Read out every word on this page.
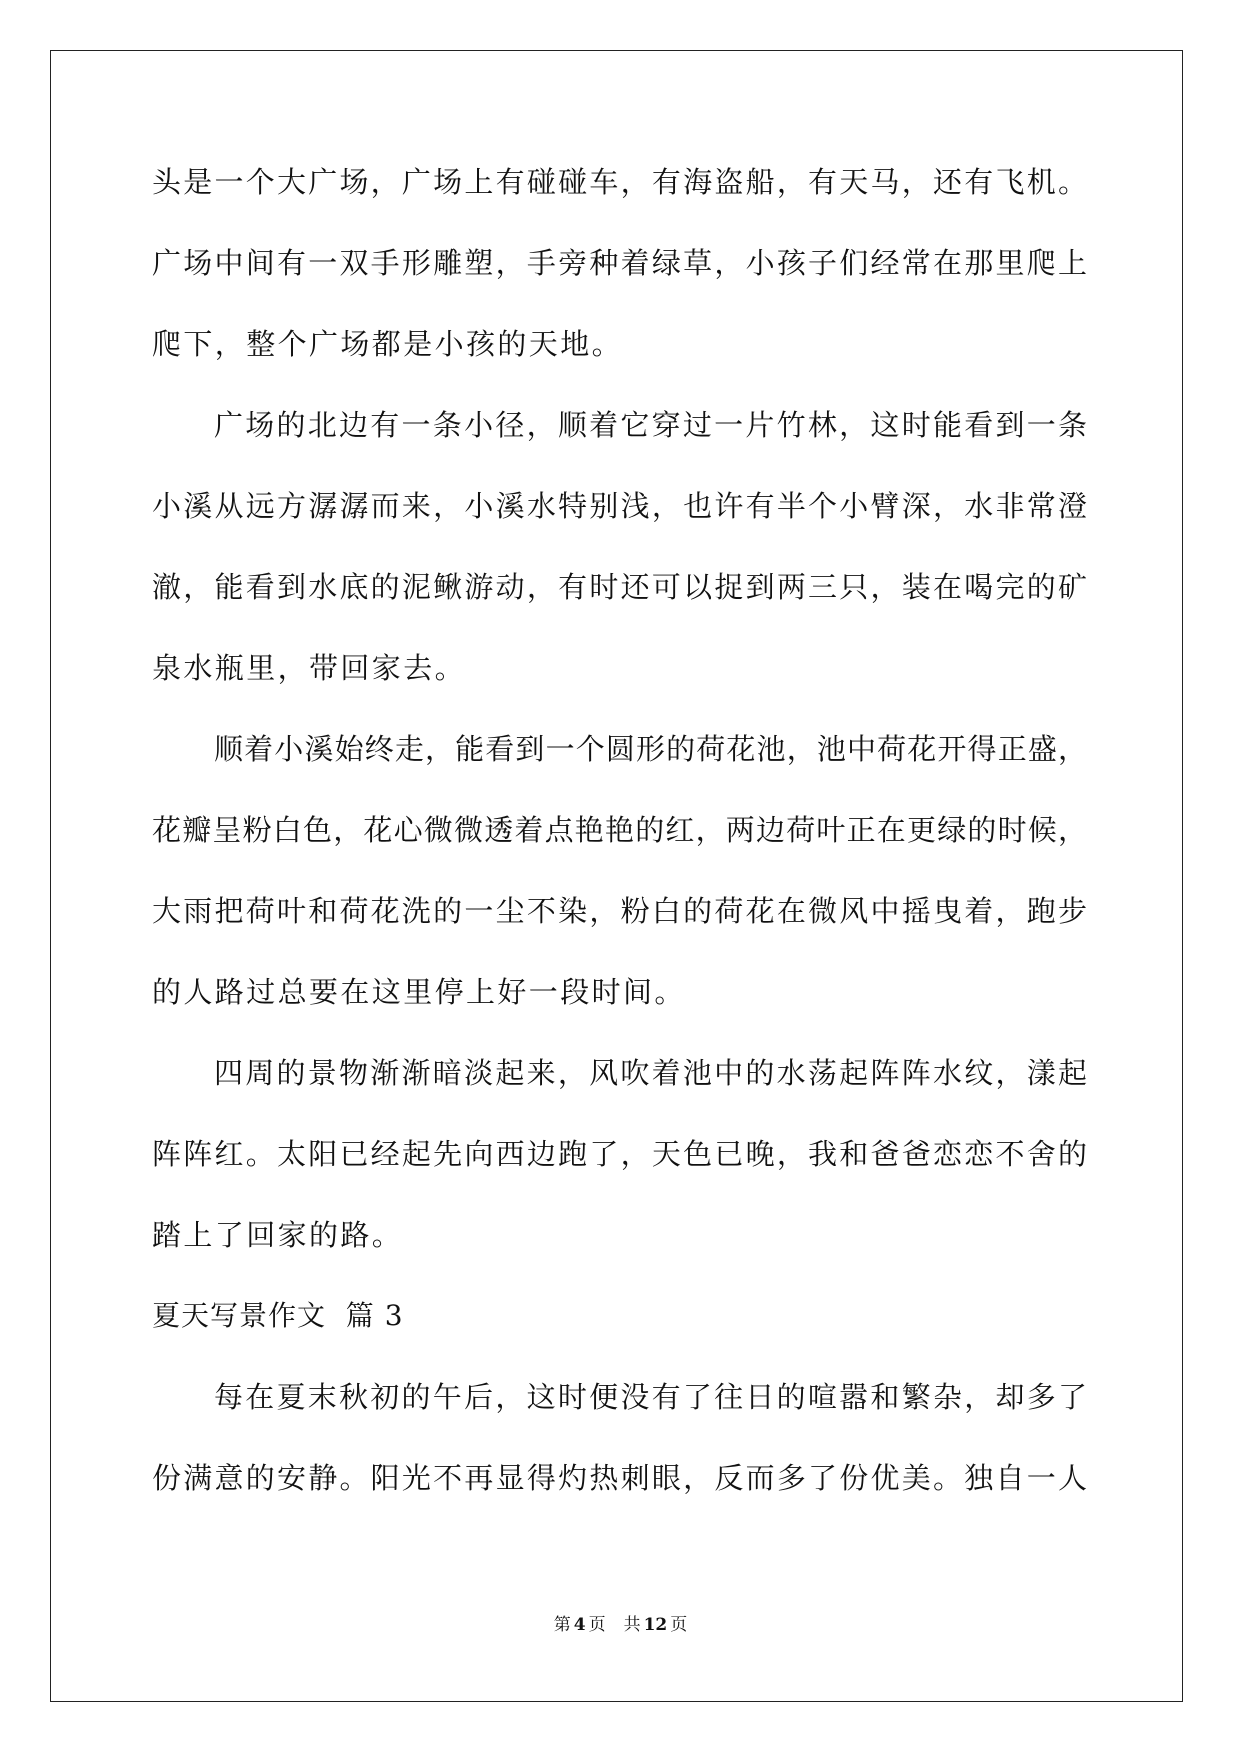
头是一个大广场，广场上有碰碰车，有海盗船，有天马，还有飞机。
广场中间有一双手形雕塑，手旁种着绿草，小孩子们经常在那里爬上
爬下，整个广场都是小孩的天地。
广场的北边有一条小径，顺着它穿过一片竹林，这时能看到一条
小溪从远方潺潺而来，小溪水特别浅，也许有半个小臂深，水非常澄
澈，能看到水底的泥鳅游动，有时还可以捉到两三只，装在喝完的矿
泉水瓶里，带回家去。
顺着小溪始终走，能看到一个圆形的荷花池，池中荷花开得正盛，
花瓣呈粉白色，花心微微透着点艳艳的红，两边荷叶正在更绿的时候，
大雨把荷叶和荷花洗的一尘不染，粉白的荷花在微风中摇曳着，跑步
的人路过总要在这里停上好一段时间。
四周的景物渐渐暗淡起来，风吹着池中的水荡起阵阵水纹，漾起
阵阵红。太阳已经起先向西边跑了，天色已晚，我和爸爸恋恋不舍的
踏上了回家的路。
夏天写景作文  篇 3
每在夏末秋初的午后，这时便没有了往日的喧嚣和繁杂，却多了
份满意的安静。阳光不再显得灼热刺眼，反而多了份优美。独自一人
第 4 页 共 12 页
